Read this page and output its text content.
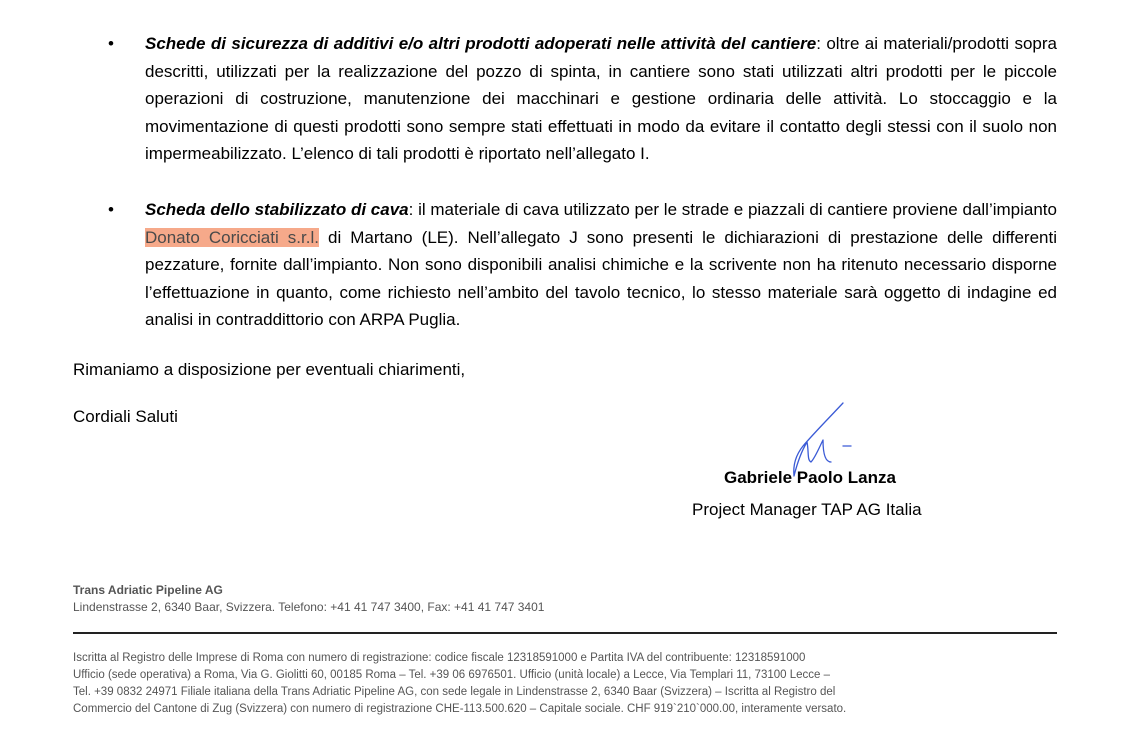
•	Schede di sicurezza di additivi e/o altri prodotti adoperati nelle attività del cantiere: oltre ai materiali/prodotti sopra descritti, utilizzati per la realizzazione del pozzo di spinta, in cantiere sono stati utilizzati altri prodotti per le piccole operazioni di costruzione, manutenzione dei macchinari e gestione ordinaria delle attività. Lo stoccaggio e la movimentazione di questi prodotti sono sempre stati effettuati in modo da evitare il contatto degli stessi con il suolo non impermeabilizzato. L’elenco di tali prodotti è riportato nell’allegato I.
•	Scheda dello stabilizzato di cava: il materiale di cava utilizzato per le strade e piazzali di cantiere proviene dall’impianto Donato Coricciati s.r.l. di Martano (LE). Nell’allegato J sono presenti le dichiarazioni di prestazione delle differenti pezzature, fornite dall’impianto. Non sono disponibili analisi chimiche e la scrivente non ha ritenuto necessario disporne l’effettuazione in quanto, come richiesto nell’ambito del tavolo tecnico, lo stesso materiale sarà oggetto di indagine ed analisi in contraddittorio con ARPA Puglia.
Rimaniamo a disposizione per eventuali chiarimenti,
Cordiali Saluti
Gabriele Paolo Lanza
Project Manager TAP AG Italia
Trans Adriatic Pipeline AG
Lindenstrasse 2, 6340 Baar, Svizzera. Telefono: +41 41 747 3400, Fax: +41 41 747 3401
Iscritta al Registro delle Imprese di Roma con numero di registrazione: codice fiscale 12318591000 e Partita IVA del contribuente: 12318591000
Ufficio (sede operativa) a Roma, Via G. Giolitti 60, 00185 Roma – Tel. +39 06 6976501. Ufficio (unità locale) a Lecce, Via Templari 11, 73100 Lecce –
Tel. +39 0832 24971 Filiale italiana della Trans Adriatic Pipeline AG, con sede legale in Lindenstrasse 2, 6340 Baar (Svizzera) – Iscritta al Registro del
Commercio del Cantone di Zug (Svizzera) con numero di registrazione CHE-113.500.620 – Capitale sociale. CHF 919`210`000.00, interamente versato.
